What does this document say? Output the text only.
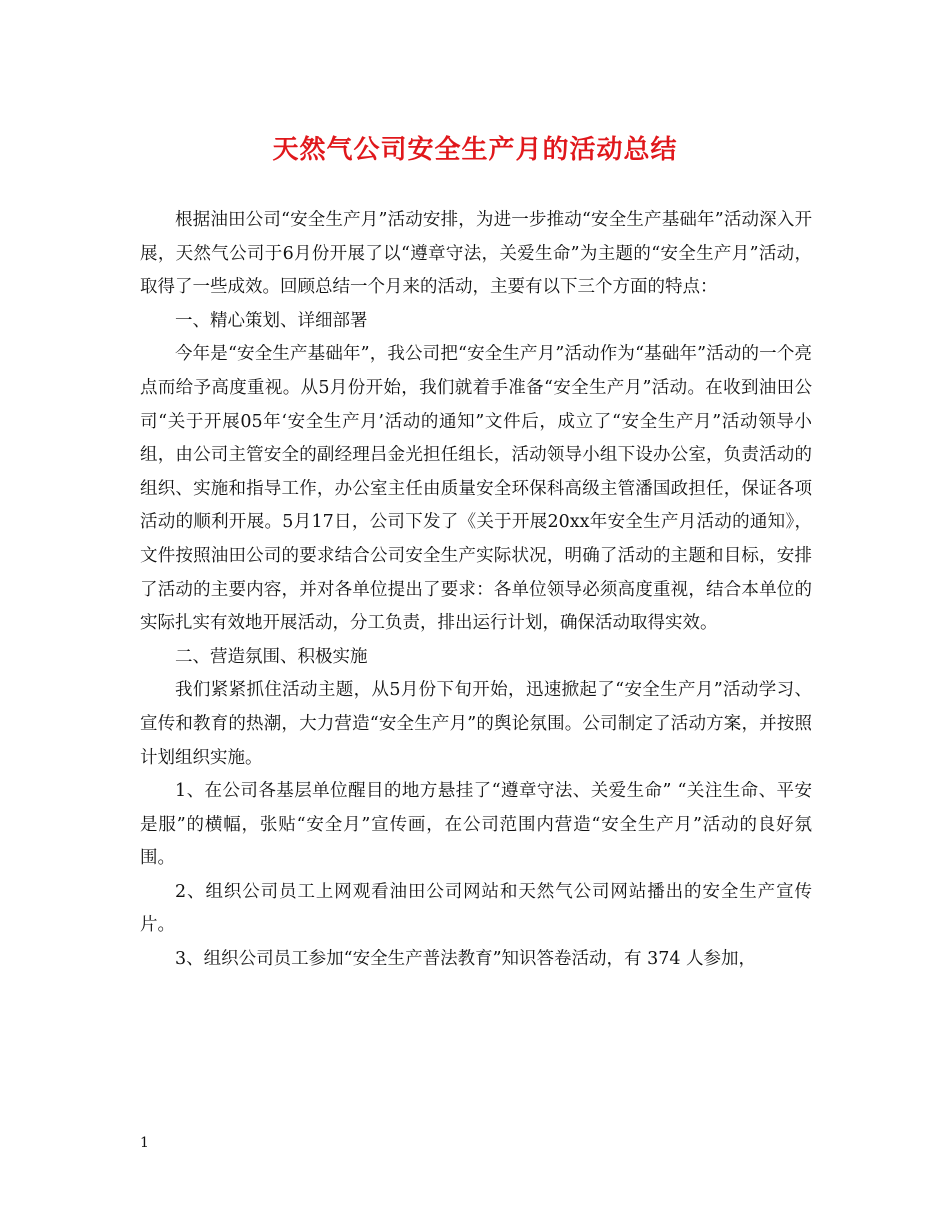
天然气公司安全生产月的活动总结

根据油田公司“安全生产月”活动安排，为进一步推动“安全生产基础年”活动深入开展，天然气公司于6月份开展了以“遵章守法，关爱生命”为主题的“安全生产月”活动，取得了一些成效。回顾总结一个月来的活动，主要有以下三个方面的特点：

一、精心策划、详细部署

今年是“安全生产基础年”，我公司把“安全生产月”活动作为“基础年”活动的一个亮点而给予高度重视。从5月份开始，我们就着手准备“安全生产月”活动。在收到油田公司“关于开展05年‘安全生产月’活动的通知”文件后，成立了“安全生产月”活动领导小组，由公司主管安全的副经理吕金光担任组长，活动领导小组下设办公室，负责活动的组织、实施和指导工作，办公室主任由质量安全环保科高级主管潘国政担任，保证各项活动的顺利开展。5月17日，公司下发了《关于开展20xx年安全生产月活动的通知》，文件按照油田公司的要求结合公司安全生产实际状况，明确了活动的主题和目标，安排了活动的主要内容，并对各单位提出了要求：各单位领导必须高度重视，结合本单位的实际扎实有效地开展活动，分工负责，排出运行计划，确保活动取得实效。

二、营造氛围、积极实施

我们紧紧抓住活动主题，从5月份下旬开始，迅速掀起了“安全生产月”活动学习、宣传和教育的热潮，大力营造“安全生产月”的舆论氛围。公司制定了活动方案，并按照计划组织实施。

1、在公司各基层单位醒目的地方悬挂了“遵章守法、关爱生命” “关注生命、平安是服”的横幅，张贴“安全月”宣传画，在公司范围内营造“安全生产月”活动的良好氛围。

2、组织公司员工上网观看油田公司网站和天然气公司网站播出的安全生产宣传片。

3、组织公司员工参加“安全生产普法教育”知识答卷活动，有 374 人参加，

1
